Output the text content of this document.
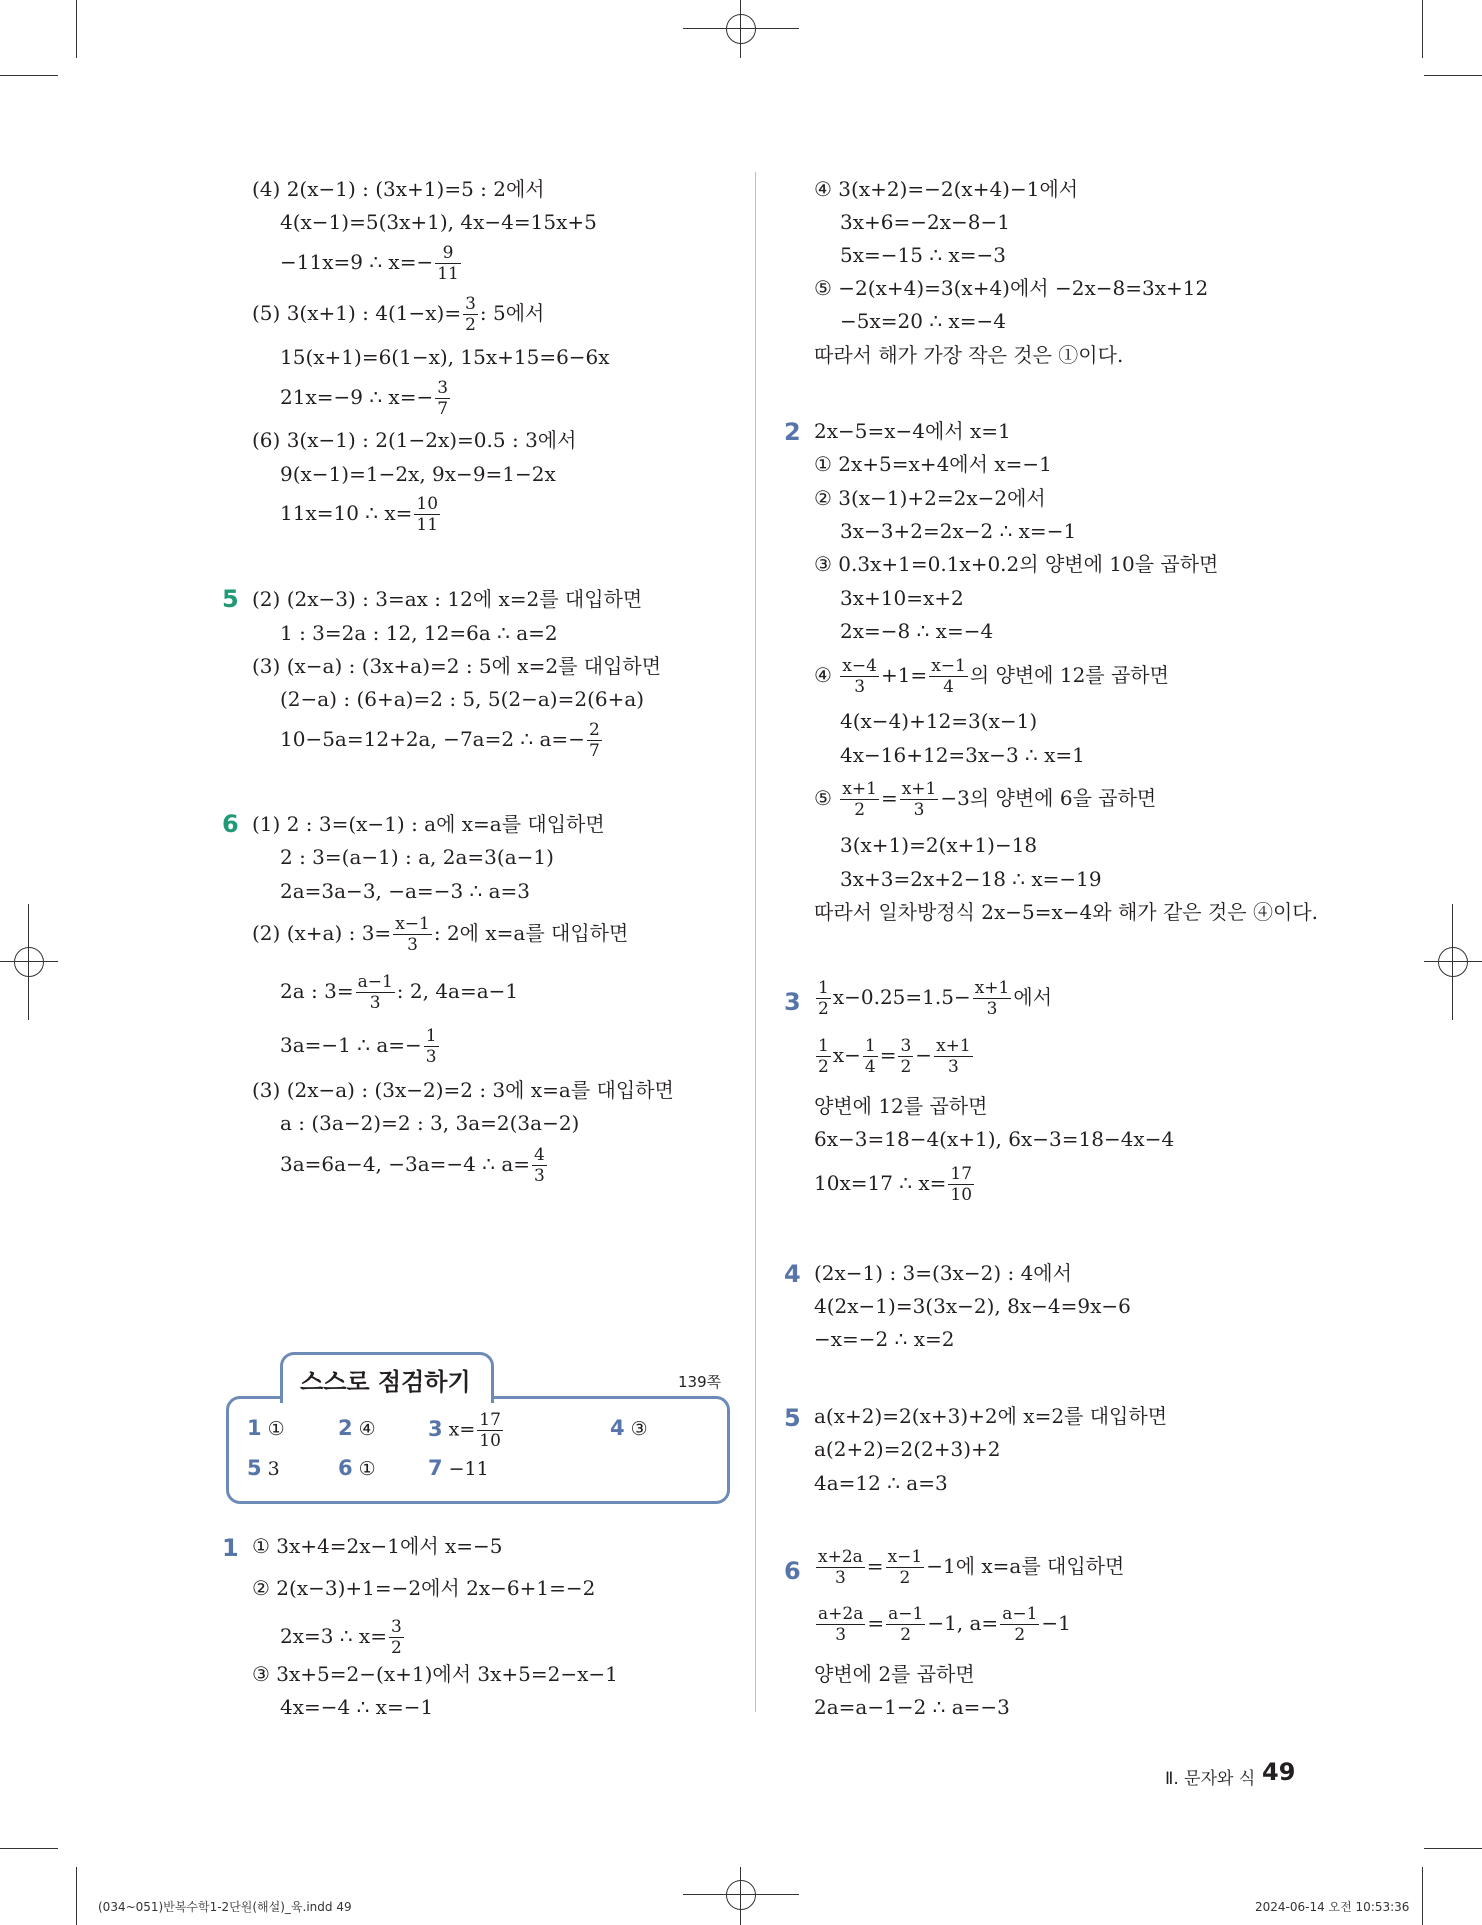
(4) 2(x−1) : (3x+1)=5 : 2에서
4(x−1)=5(3x+1), 4x−4=15x+5
−11x=9 ∴ $x=- \frac{9}{11}$
(5) 3(x+1) : $4(1-x)= \frac{3}{2}$ : 5에서
15(x+1)=6(1−x), 15x+15=6−6x
21x=−9 ∴ $x=- \frac{3}{7}$
(6) 3(x−1) : 2(1−2x)=0.5 : 3에서
9(x−1)=1−2x, 9x−9=1−2x
11x=10 ∴ $x= \frac{10}{11}$
5 (2) (2x−3) : 3=ax : 12에 x=2를 대입하면
1 : 3=2a : 12, 12=6a ∴ a=2
(3) (x−a) : (3x+a)=2 : 5에 x=2를 대입하면
(2−a) : (6+a)=2 : 5, 5(2−a)=2(6+a)
10−5a=12+2a, −7a=2 ∴ $a=- \frac{2}{7}$
6 (1) 2 : 3=(x−1) : a에 x=a를 대입하면
2 : 3=(a−1) : a, 2a=3(a−1)
2a=3a−3, −a=−3 ∴ a=3
(2) (x+a) : $3= \frac{x-1}{3}$ : 2에 x=a를 대입하면
2a : $3= \frac{a-1}{3}$ : 2, 4a=a−1
3a=−1 ∴ $a=- \frac{1}{3}$
(3) (2x−a) : (3x−2)=2 : 3에 x=a를 대입하면
a : (3a−2)=2 : 3, 3a=2(3a−2)
3a=6a−4, −3a=−4 ∴ $a= \frac{4}{3}$
스스로 점검하기	139쪽
1 ①	2 ④ 3 $x= \frac{17}{10}$	4 ③
5 3	6 ① 7 −11
1 ① 3x+4=2x−1에서 x=−5
② 2(x−3)+1=−2에서 2x−6+1=−2
2x=3 ∴ $x= \frac{3}{2}$
③ 3x+5=2−(x+1)에서 3x+5=2−x−1
4x=−4 ∴ x=−1
④ 3(x+2)=−2(x+4)−1에서
3x+6=−2x−8−1
5x=−15 ∴ x=−3
⑤ −2(x+4)=3(x+4)에서 −2x−8=3x+12
−5x=20 ∴ x=−4
따라서 해가 가장 작은 것은 ①이다.
2 2x−5=x−4에서 x=1
① 2x+5=x+4에서 x=−1
② 3(x−1)+2=2x−2에서
3x−3+2=2x−2 ∴ x=−1
③ 0.3x+1=0.1x+0.2의 양변에 10을 곱하면
3x+10=x+2
2x=−8 ∴ x=−4
④ $\frac{x-4}{3} +1= \frac{x-1}{4}$ 의 양변에 12를 곱하면
4(x−4)+12=3(x−1)
4x−16+12=3x−3 ∴ x=1
⑤ $\frac{x+1}{2} = \frac{x+1}{3} -3$의 양변에 6을 곱하면
3(x+1)=2(x+1)−18
3x+3=2x+2−18 ∴ x=−19
따라서 일차방정식 2x−5=x−4와 해가 같은 것은 ④이다.
$3 \frac{1}{2} x-0.25=1.5- \frac{x+1}{3}$ 에서
$\frac{1}{2} x- \frac{1}{4} = \frac{3}{2} - \frac{x+1}{3}$
양변에 12를 곱하면
6x−3=18−4(x+1), 6x−3=18−4x−4
10x=17 ∴ $x= \frac{17}{10}$
4 (2x−1) : 3=(3x−2) : 4에서
4(2x−1)=3(3x−2), 8x−4=9x−6
−x=−2 ∴ x=2
5 a(x+2)=2(x+3)+2에 x=2를 대입하면
a(2+2)=2(2+3)+2
4a=12 ∴ a=3
$6 \frac{x+2a}{3} = \frac{x-1}{2} -1$에 x=a를 대입하면
$\frac{a+2a}{3} = \frac{a-1}{2} -1$, $a= \frac{a-1}{2} -1$
양변에 2를 곱하면
2a=a−1−2 ∴ a=−3
Ⅱ. 문자와 식 49
(034~051)반복수학1-2단원(해설)_육.indd 49	2024-06-14 오전 10:53:36
